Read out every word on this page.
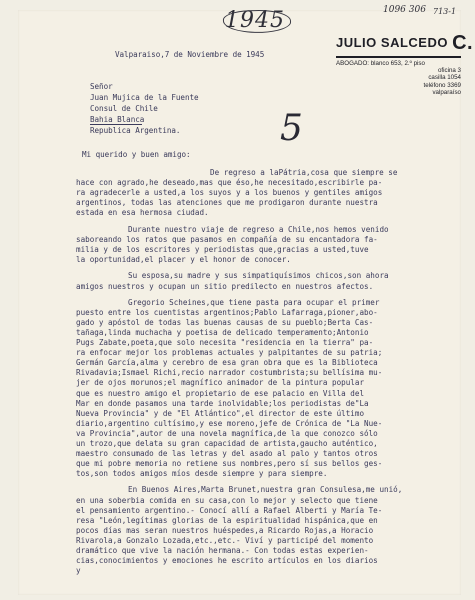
1945	1096 306 713-1
5
JULIO SALCEDO C.
ABOGADO: blanco 653, 2.º piso
oficina 3
casilla 1054
teléfono 3369
valparaíso
Valparaiso,7 de Noviembre de 1945
Señor
Juan Mujica de la Fuente
Consul de Chile
Bahia Blanca
Republica Argentina.
Mi querido y buen amigo:
De regreso a laPátria,cosa que siempre se
hace con agrado,he deseado,mas que éso,he necesitado,escribirle pa-
ra agradecerle a usted,a los suyos y a los buenos y gentiles amigos
argentinos, todas las atenciones que me prodigaron durante nuestra
estada en esa hermosa ciudad.
Durante nuestro viaje de regreso a Chile,nos hemos venido
saboreando los ratos que pasamos en compañía de su encantadora fa-
milia y de los escritores y periodistas que,gracias a usted,tuve
la oportunidad,el placer y el honor de conocer.
Su esposa,su madre y sus simpatiquísimos chicos,son ahora
amigos nuestros y ocupan un sitio predilecto en nuestros afectos.
Gregorio Scheines,que tiene pasta para ocupar el primer
puesto entre los cuentistas argentinos;Pablo Lafarraga,pioner,abo-
gado y apóstol de todas las buenas causas de su pueblo;Berta Cas-
tañaga,linda muchacha y poetisa de delicado temperamento;Antonio
Pugs Zabate,poeta,que solo necesita "residencia en la tierra" pa-
ra enfocar mejor los problemas actuales y palpitantes de su patria;
Germán García,alma y cerebro de esa gran obra que es la Biblioteca
Rivadavia;Ismael Richi,recio narrador costumbrista;su bellísima mu-
jer de ojos morunos;el magnífico animador de la pintura popular
que es nuestro amigo el propietario de ese palacio en Villa del
Mar en donde pasamos una tarde inolvidable;los periodistas de"La
Nueva Provincia" y de "El Atlántico",el director de este último
diario,argentino cultísimo,y ese moreno,jefe de Crónica de "La Nue-
va Provincia",autor de una novela magnífica,de la que conozco sólo
un trozo,que delata su gran capacidad de artista,gaucho auténtico,
maestro consumado de las letras y del asado al palo y tantos otros
que mi pobre memoria no retiene sus nombres,pero sí sus bellos ges-
tos,son todos amigos míos desde siempre y para siempre.
En Buenos Aires,Marta Brunet,nuestra gran Consulesa,me unió,
en una soberbia comida en su casa,con lo mejor y selecto que tiene
el pensamiento argentino.- Conocí allí a Rafael Alberti y María Te-
resa "León,legítimas glorias de la espiritualidad hispánica,que en
pocos días mas seran nuestros huéspedes,a Ricardo Rojas,a Horacio
Rivarola,a Gonzalo Lozada,etc.,etc.- Viví y participé del momento
dramático que vive la nación hermana.- Con todas estas experien-
cias,conocimientos y emociones he escrito artículos en los diarios
y
